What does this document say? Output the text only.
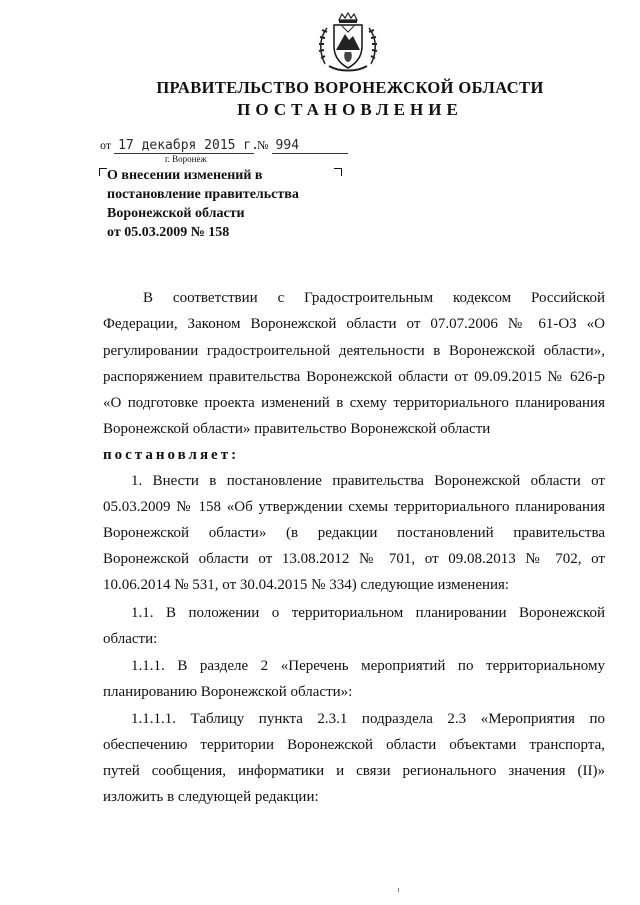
ПРАВИТЕЛЬСТВО ВОРОНЕЖСКОЙ ОБЛАСТИ
ПОСТАНОВЛЕНИЕ
от 17 декабря 2015 г. № 994
г. Воронеж
О внесении изменений в
постановление правительства
Воронежской области
от 05.03.2009 № 158
В соответствии с Градостроительным кодексом Российской
Федерации, Законом Воронежской области от 07.07.2006 № 61-ОЗ «О
регулировании градостроительной деятельности в Воронежской области»,
распоряжением правительства Воронежской области от 09.09.2015 № 626-р
«О подготовке проекта изменений в схему территориального планирования
Воронежской области» правительство Воронежской области
постановляет:
1. Внести в постановление правительства Воронежской области от
05.03.2009 № 158 «Об утверждении схемы территориального планирования
Воронежской области» (в редакции постановлений правительства
Воронежской области от 13.08.2012 № 701, от 09.08.2013 № 702, от
10.06.2014 № 531, от 30.04.2015 № 334) следующие изменения:
1.1. В положении о территориальном планировании Воронежской
области:
1.1.1. В разделе 2 «Перечень мероприятий по территориальному
планированию Воронежской области»:
1.1.1.1. Таблицу пункта 2.3.1 подраздела 2.3 «Мероприятия по
обеспечению территории Воронежской области объектами транспорта,
путей сообщения, информатики и связи регионального значения (II)»
изложить в следующей редакции:
